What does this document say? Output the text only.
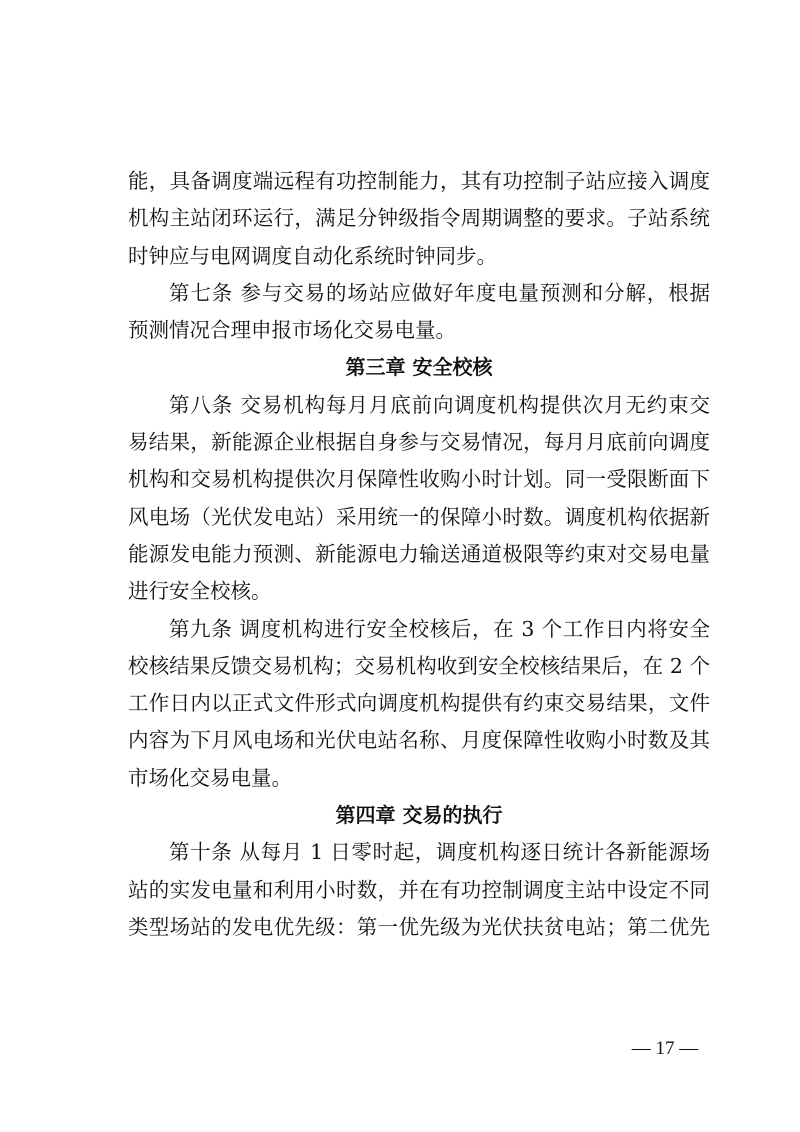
能，具备调度端远程有功控制能力，其有功控制子站应接入调度
机构主站闭环运行，满足分钟级指令周期调整的要求。子站系统
时钟应与电网调度自动化系统时钟同步。
第七条 参与交易的场站应做好年度电量预测和分解，根据
预测情况合理申报市场化交易电量。
第三章 安全校核
第八条 交易机构每月月底前向调度机构提供次月无约束交
易结果，新能源企业根据自身参与交易情况，每月月底前向调度
机构和交易机构提供次月保障性收购小时计划。同一受限断面下
风电场（光伏发电站）采用统一的保障小时数。调度机构依据新
能源发电能力预测、新能源电力输送通道极限等约束对交易电量
进行安全校核。
第九条 调度机构进行安全校核后，在 3 个工作日内将安全
校核结果反馈交易机构；交易机构收到安全校核结果后，在 2 个
工作日内以正式文件形式向调度机构提供有约束交易结果，文件
内容为下月风电场和光伏电站名称、月度保障性收购小时数及其
市场化交易电量。
第四章 交易的执行
第十条 从每月 1 日零时起，调度机构逐日统计各新能源场
站的实发电量和利用小时数，并在有功控制调度主站中设定不同
类型场站的发电优先级：第一优先级为光伏扶贫电站；第二优先
— 17 —
